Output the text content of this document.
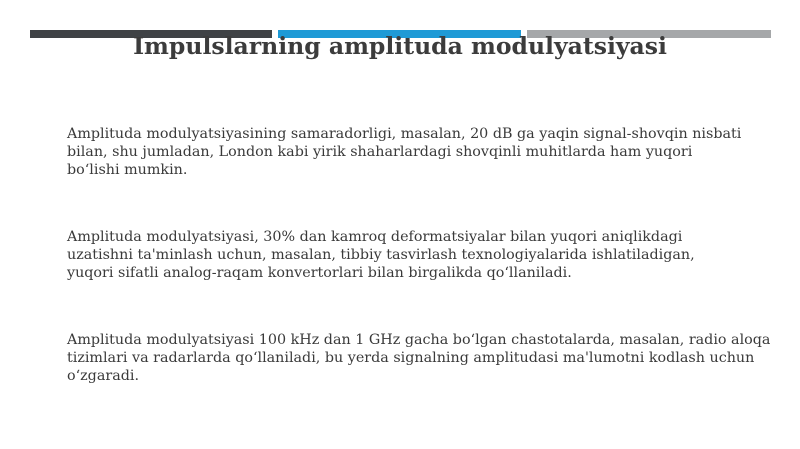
Impulslarning amplituda modulyatsiyasi

Amplituda modulyatsiyasining samaradorligi, masalan, 20 dB ga yaqin signal-shovqin nisbati
bilan, shu jumladan, London kabi yirik shaharlardagi shovqinli muhitlarda ham yuqori
bo‘lishi mumkin.

Amplituda modulyatsiyasi, 30% dan kamroq deformatsiyalar bilan yuqori aniqlikdagi
uzatishni ta'minlash uchun, masalan, tibbiy tasvirlash texnologiyalarida ishlatiladigan,
yuqori sifatli analog-raqam konvertorlari bilan birgalikda qo‘llaniladi.

Amplituda modulyatsiyasi 100 kHz dan 1 GHz gacha bo‘lgan chastotalarda, masalan, radio aloqa
tizimlari va radarlarda qo‘llaniladi, bu yerda signalning amplitudasi ma'lumotni kodlash uchun
o‘zgaradi.
